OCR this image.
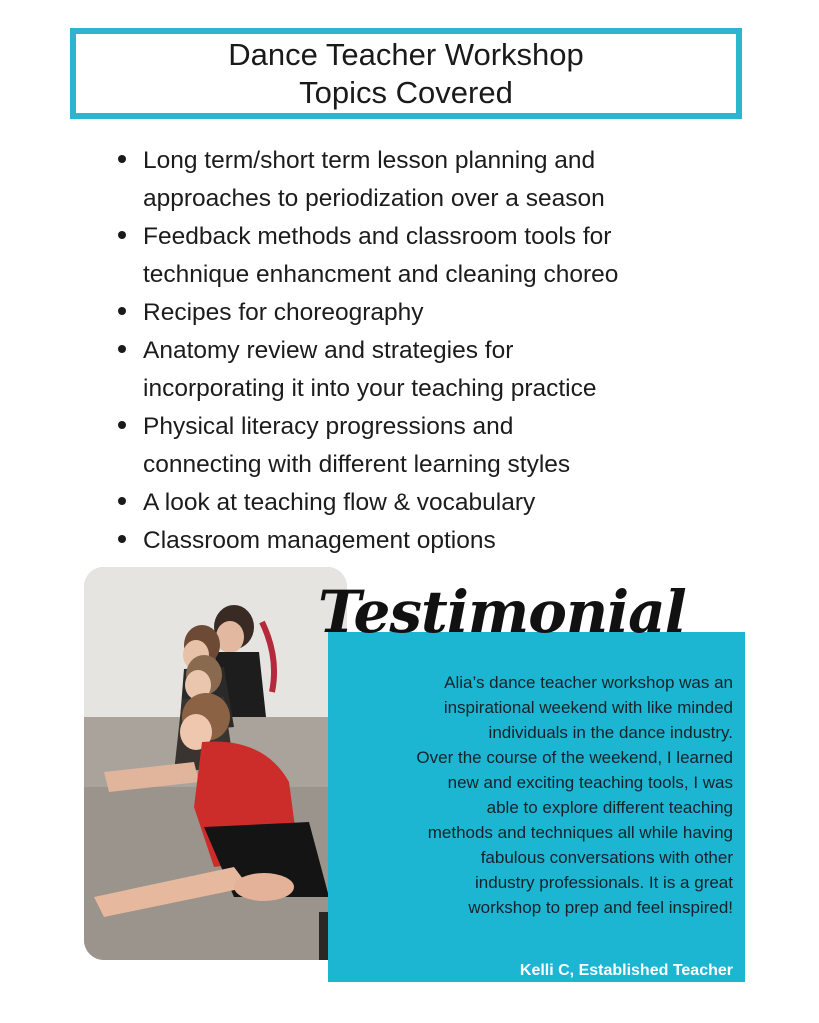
Dance Teacher Workshop
Topics Covered
Long term/short term lesson planning and
approaches to periodization over a season
Feedback methods and classroom tools for
technique enhancment and cleaning choreo
Recipes for choreography
Anatomy review and strategies for
incorporating it into your teaching practice
Physical literacy progressions and
connecting with different learning styles
A look at teaching flow & vocabulary
Classroom management options
Testimonial
Alia’s dance teacher workshop was an
inspirational weekend with like minded
individuals in the dance industry.
Over the course of the weekend, I learned
new and exciting teaching tools, I was
able to explore different teaching
methods and techniques all while having
fabulous conversations with other
industry professionals. It is a great
workshop to prep and feel inspired!
Kelli C, Established Teacher
